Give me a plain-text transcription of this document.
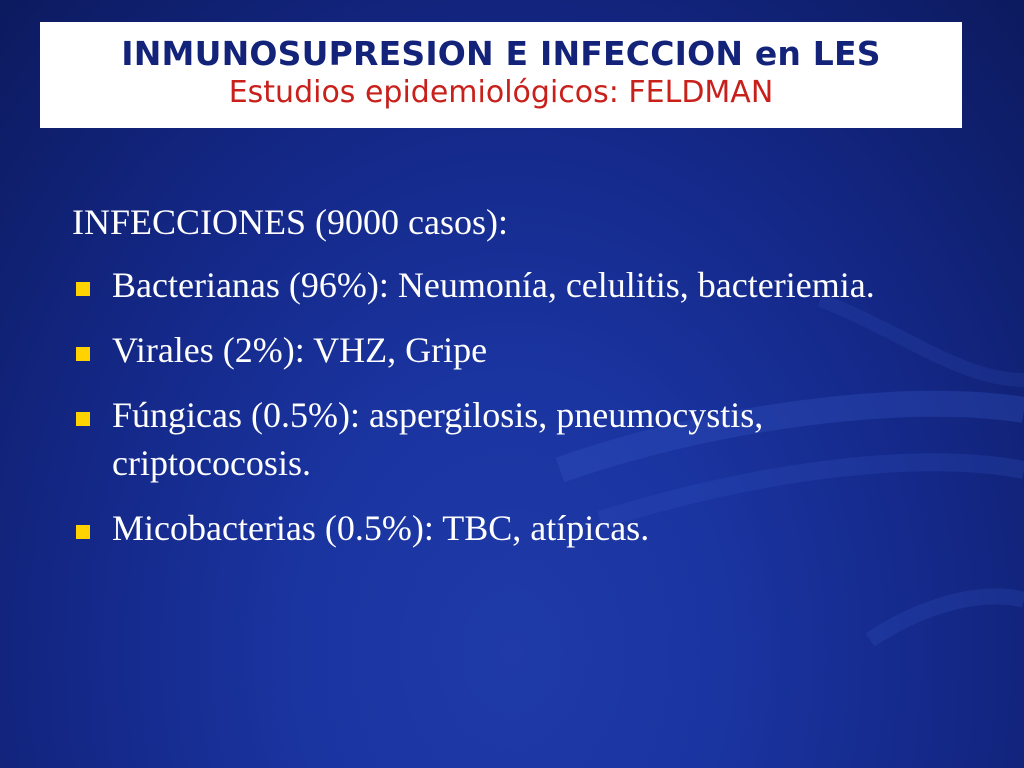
INMUNOSUPRESION E INFECCION en LES
Estudios epidemiológicos: FELDMAN
INFECCIONES (9000 casos):
Bacterianas (96%): Neumonía, celulitis, bacteriemia.
Virales (2%): VHZ, Gripe
Fúngicas (0.5%): aspergilosis, pneumocystis, criptococosis.
Micobacterias (0.5%): TBC, atípicas.
